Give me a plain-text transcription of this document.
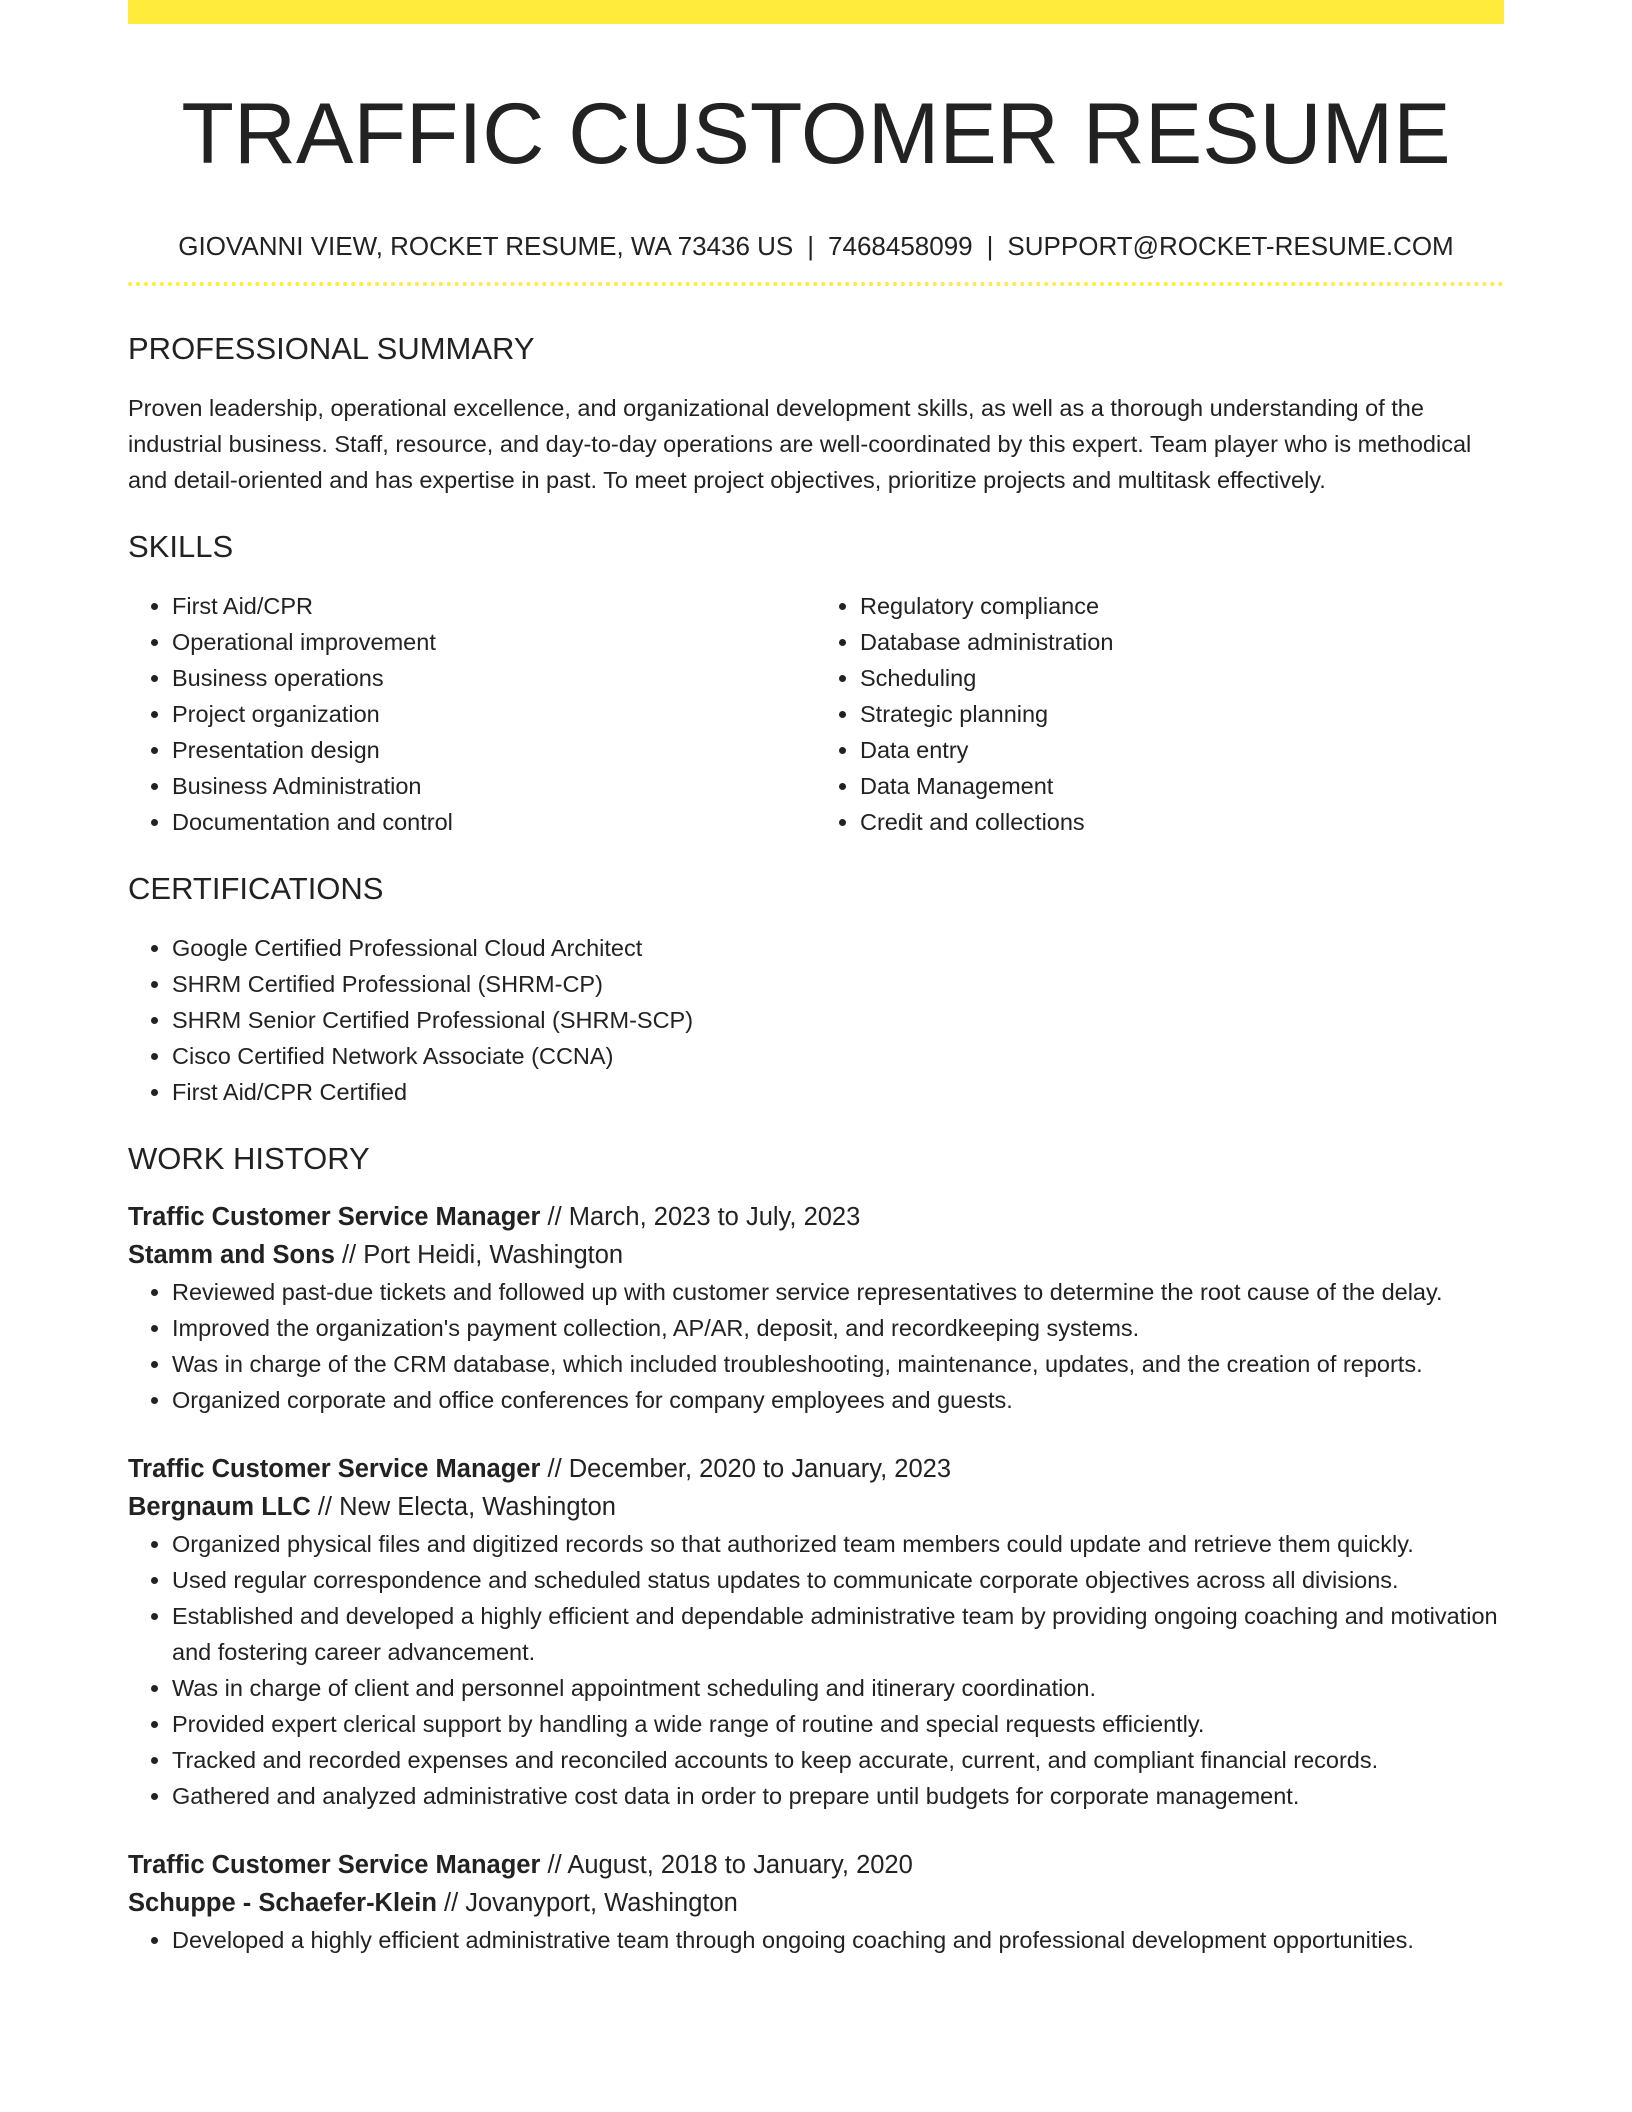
TRAFFIC CUSTOMER RESUME
GIOVANNI VIEW, ROCKET RESUME, WA 73436 US | 7468458099 | SUPPORT@ROCKET-RESUME.COM
PROFESSIONAL SUMMARY

Proven leadership, operational excellence, and organizational development skills, as well as a thorough understanding of the industrial business. Staff, resource, and day-to-day operations are well-coordinated by this expert. Team player who is methodical and detail-oriented and has expertise in past. To meet project objectives, prioritize projects and multitask effectively.

SKILLS
• First Aid/CPR
• Operational improvement
• Business operations
• Project organization
• Presentation design
• Business Administration
• Documentation and control
• Regulatory compliance
• Database administration
• Scheduling
• Strategic planning
• Data entry
• Data Management
• Credit and collections
CERTIFICATIONS
• Google Certified Professional Cloud Architect
• SHRM Certified Professional (SHRM-CP)
• SHRM Senior Certified Professional (SHRM-SCP)
• Cisco Certified Network Associate (CCNA)
• First Aid/CPR Certified
WORK HISTORY
Traffic Customer Service Manager // March, 2023 to July, 2023
Stamm and Sons // Port Heidi, Washington
• Reviewed past-due tickets and followed up with customer service representatives to determine the root cause of the delay.
• Improved the organization's payment collection, AP/AR, deposit, and recordkeeping systems.
• Was in charge of the CRM database, which included troubleshooting, maintenance, updates, and the creation of reports.
• Organized corporate and office conferences for company employees and guests.
Traffic Customer Service Manager // December, 2020 to January, 2023
Bergnaum LLC // New Electa, Washington
• Organized physical files and digitized records so that authorized team members could update and retrieve them quickly.
• Used regular correspondence and scheduled status updates to communicate corporate objectives across all divisions.
• Established and developed a highly efficient and dependable administrative team by providing ongoing coaching and motivation and fostering career advancement.
• Was in charge of client and personnel appointment scheduling and itinerary coordination.
• Provided expert clerical support by handling a wide range of routine and special requests efficiently.
• Tracked and recorded expenses and reconciled accounts to keep accurate, current, and compliant financial records.
• Gathered and analyzed administrative cost data in order to prepare until budgets for corporate management.
Traffic Customer Service Manager // August, 2018 to January, 2020
Schuppe - Schaefer-Klein // Jovanyport, Washington
• Developed a highly efficient administrative team through ongoing coaching and professional development opportunities.
